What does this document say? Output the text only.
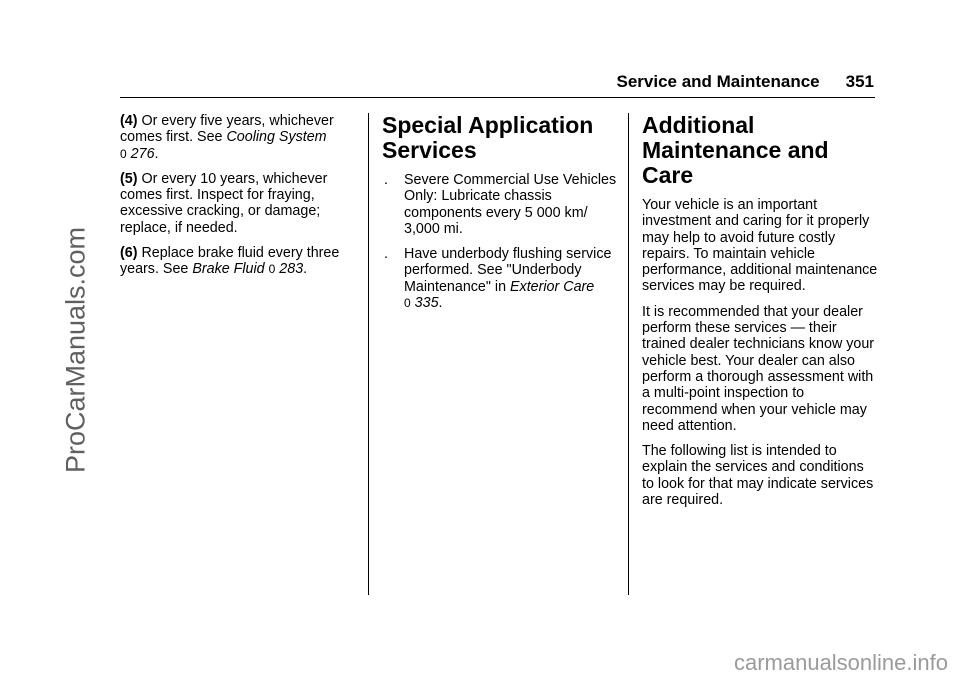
ProCarManuals.com
Service and Maintenance 351

(4) Or every five years, whichever comes first. See Cooling System
0 276.

(5) Or every 10 years, whichever comes first. Inspect for fraying, excessive cracking, or damage; replace, if needed.

(6) Replace brake fluid every three years. See Brake Fluid 0 283.

Special Application Services
. Severe Commercial Use Vehicles Only: Lubricate chassis components every 5 000 km/ 3,000 mi.
. Have underbody flushing service performed. See "Underbody Maintenance" in Exterior Care
0 335.
Additional Maintenance and Care

Your vehicle is an important investment and caring for it properly may help to avoid future costly repairs. To maintain vehicle performance, additional maintenance services may be required.

It is recommended that your dealer perform these services — their trained dealer technicians know your vehicle best. Your dealer can also perform a thorough assessment with a multi-point inspection to recommend when your vehicle may need attention.

The following list is intended to explain the services and conditions to look for that may indicate services are required.

carmanualsonline.info
